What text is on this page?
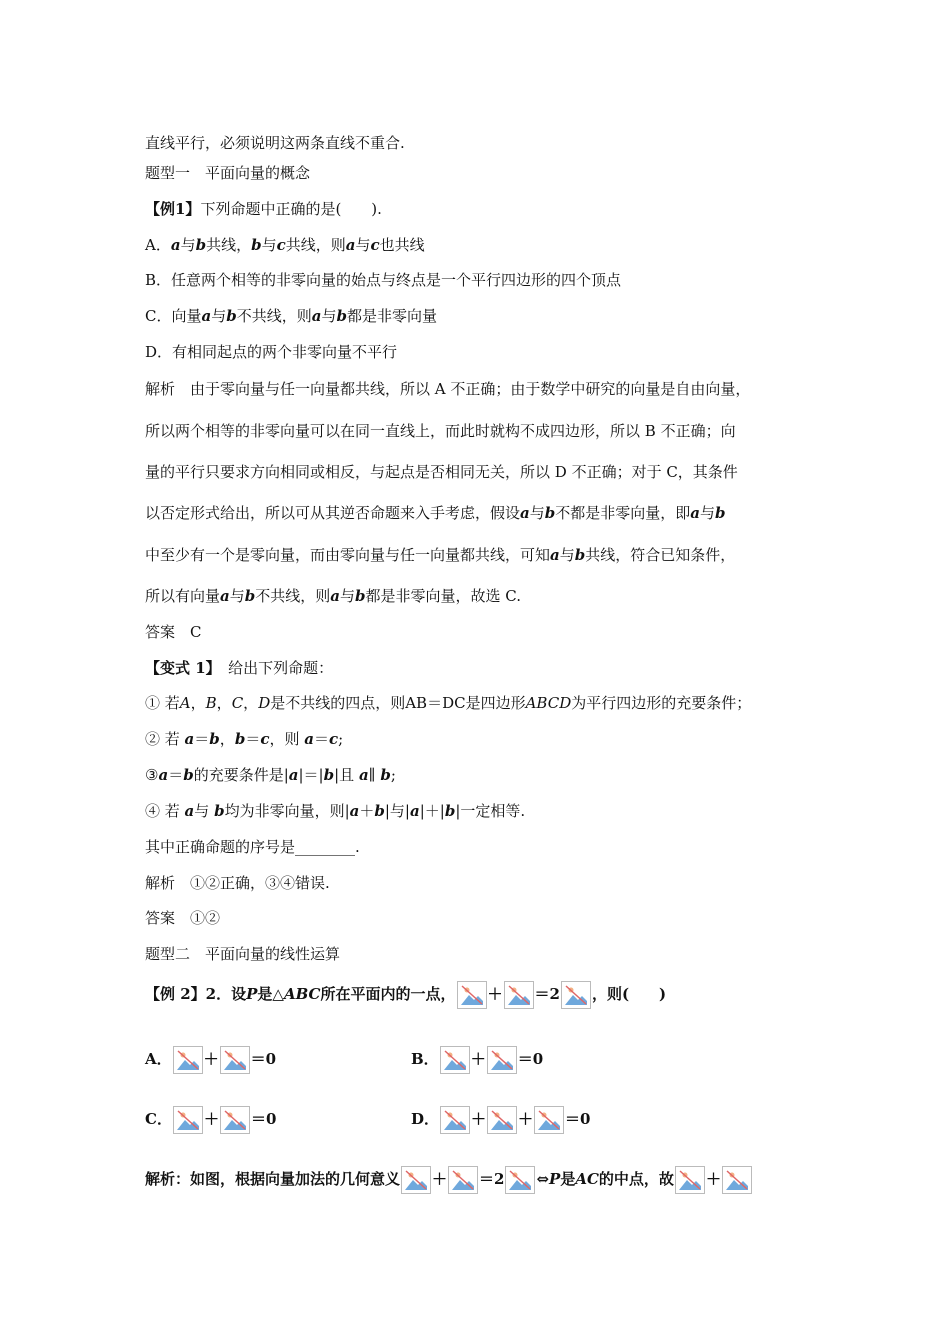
直线平行，必须说明这两条直线不重合.
题型一　平面向量的概念
【例1】下列命题中正确的是(　　).
A．a与b共线，b与c共线，则a与c也共线
B．任意两个相等的非零向量的始点与终点是一个平行四边形的四个顶点
C．向量a与b不共线，则a与b都是非零向量
D．有相同起点的两个非零向量不平行
解析　由于零向量与任一向量都共线，所以 A 不正确；由于数学中研究的向量是自由向量，
所以两个相等的非零向量可以在同一直线上，而此时就构不成四边形，所以 B 不正确；向
量的平行只要求方向相同或相反，与起点是否相同无关，所以 D 不正确；对于 C，其条件
以否定形式给出，所以可从其逆否命题来入手考虑，假设a与b不都是非零向量，即a与b
中至少有一个是零向量，而由零向量与任一向量都共线，可知a与b共线，符合已知条件，
所以有向量a与b不共线，则a与b都是非零向量，故选 C.
答案　C
【变式 1】　给出下列命题：
① 若A，B，C，D是不共线的四点，则AB＝DC是四边形ABCD为平行四边形的充要条件；
② 若 a＝b，b＝c，则 a＝c;
③a＝b的充要条件是|a|＝|b|且 a∥ b;
④ 若 a与 b均为非零向量，则|a＋b|与|a|＋|b|一定相等.
其中正确命题的序号是________.
解析　①②正确，③④错误.
答案　①②
题型二　平面向量的线性运算
【例 2】2．设P是△ABC所在平面内的一点， ＋ ＝2 ，则(　　)
A． ＋ ＝0	B． ＋ ＝0
C． ＋ ＝0	D． ＋ ＋ ＝0
解析：如图，根据向量加法的几何意义 ＋ ＝2 ⇔P是AC的中点，故 ＋
